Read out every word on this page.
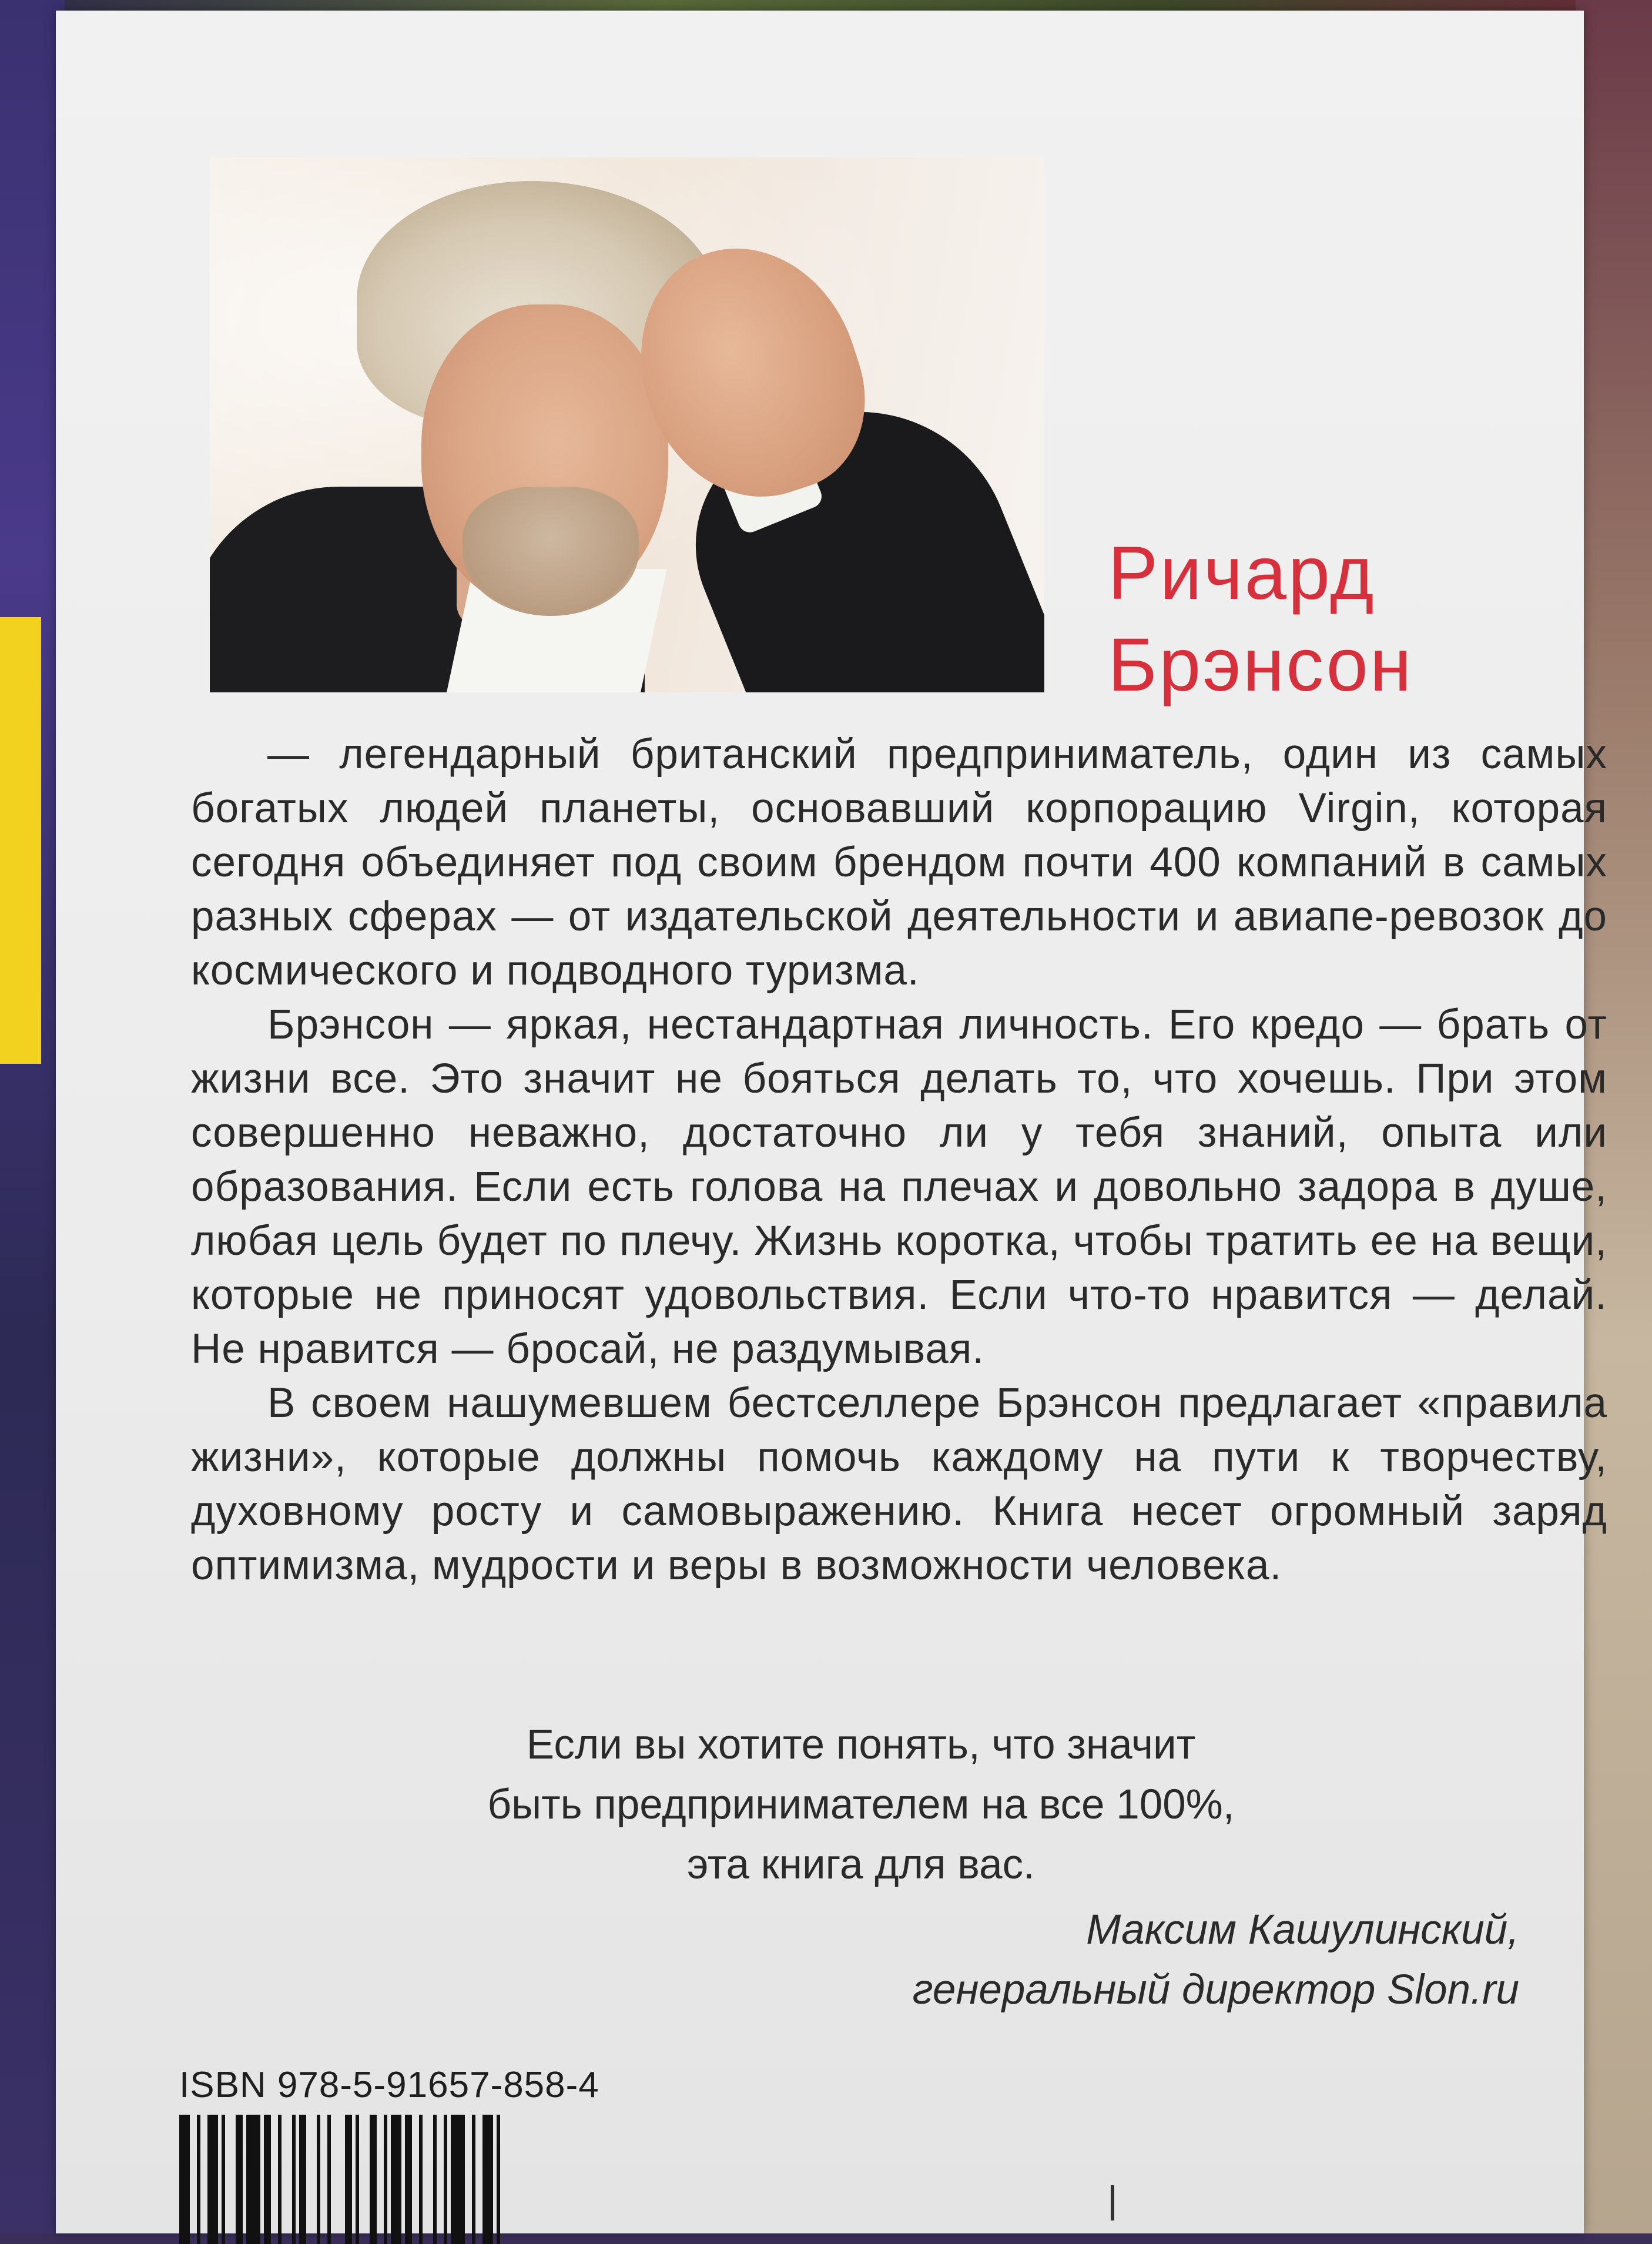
Ричард
Брэнсон

— легендарный британский предприниматель, один из самых богатых людей планеты, основавший корпорацию Virgin, которая сегодня объединяет под своим брендом почти 400 компаний в самых разных сферах — от издательской деятельности и авиапе-ревозок до космического и подводного туризма.

Брэнсон — яркая, нестандартная личность. Его кредо — брать от жизни все. Это значит не бояться делать то, что хочешь. При этом совершенно неважно, достаточно ли у тебя знаний, опыта или образования. Если есть голова на плечах и довольно задора в душе, любая цель будет по плечу. Жизнь коротка, чтобы тратить ее на вещи, которые не приносят удовольствия. Если что-то нравится — делай. Не нравится — бросай, не раздумывая.

В своем нашумевшем бестселлере Брэнсон предлагает «правила жизни», которые должны помочь каждому на пути к творчеству, духовному росту и самовыражению. Книга несет огромный заряд оптимизма, мудрости и веры в возможности человека.

Если вы хотите понять, что значит
быть предпринимателем на все 100%,
эта книга для вас.
Максим Кашулинский,
генеральный директор Slon.ru
ISBN 978-5-91657-858-4
